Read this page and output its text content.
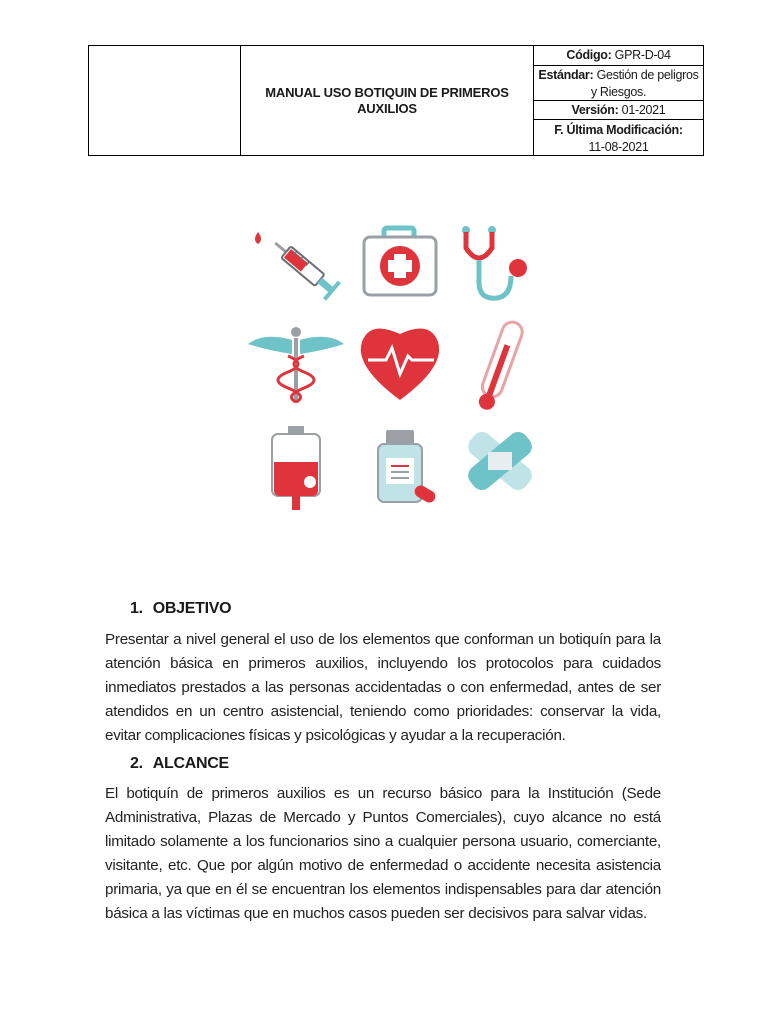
MANUAL USO BOTIQUIN DE PRIMEROS AUXILIOS
Código: GPR-D-04
Estándar: Gestión de peligros y Riesgos.
Versión: 01-2021
F. Última Modificación:
11-08-2021
1. OBJETIVO

Presentar a nivel general el uso de los elementos que conforman un botiquín para la atención básica en primeros auxilios, incluyendo los protocolos para cuidados inmediatos prestados a las personas accidentadas o con enfermedad, antes de ser atendidos en un centro asistencial, teniendo como prioridades: conservar la vida, evitar complicaciones físicas y psicológicas y ayudar a la recuperación.

2. ALCANCE

El botiquín de primeros auxilios es un recurso básico para la Institución (Sede Administrativa, Plazas de Mercado y Puntos Comerciales), cuyo alcance no está limitado solamente a los funcionarios sino a cualquier persona usuario, comerciante, visitante, etc. Que por algún motivo de enfermedad o accidente necesita asistencia primaria, ya que en él se encuentran los elementos indispensables para dar atención básica a las víctimas que en muchos casos pueden ser decisivos para salvar vidas.
